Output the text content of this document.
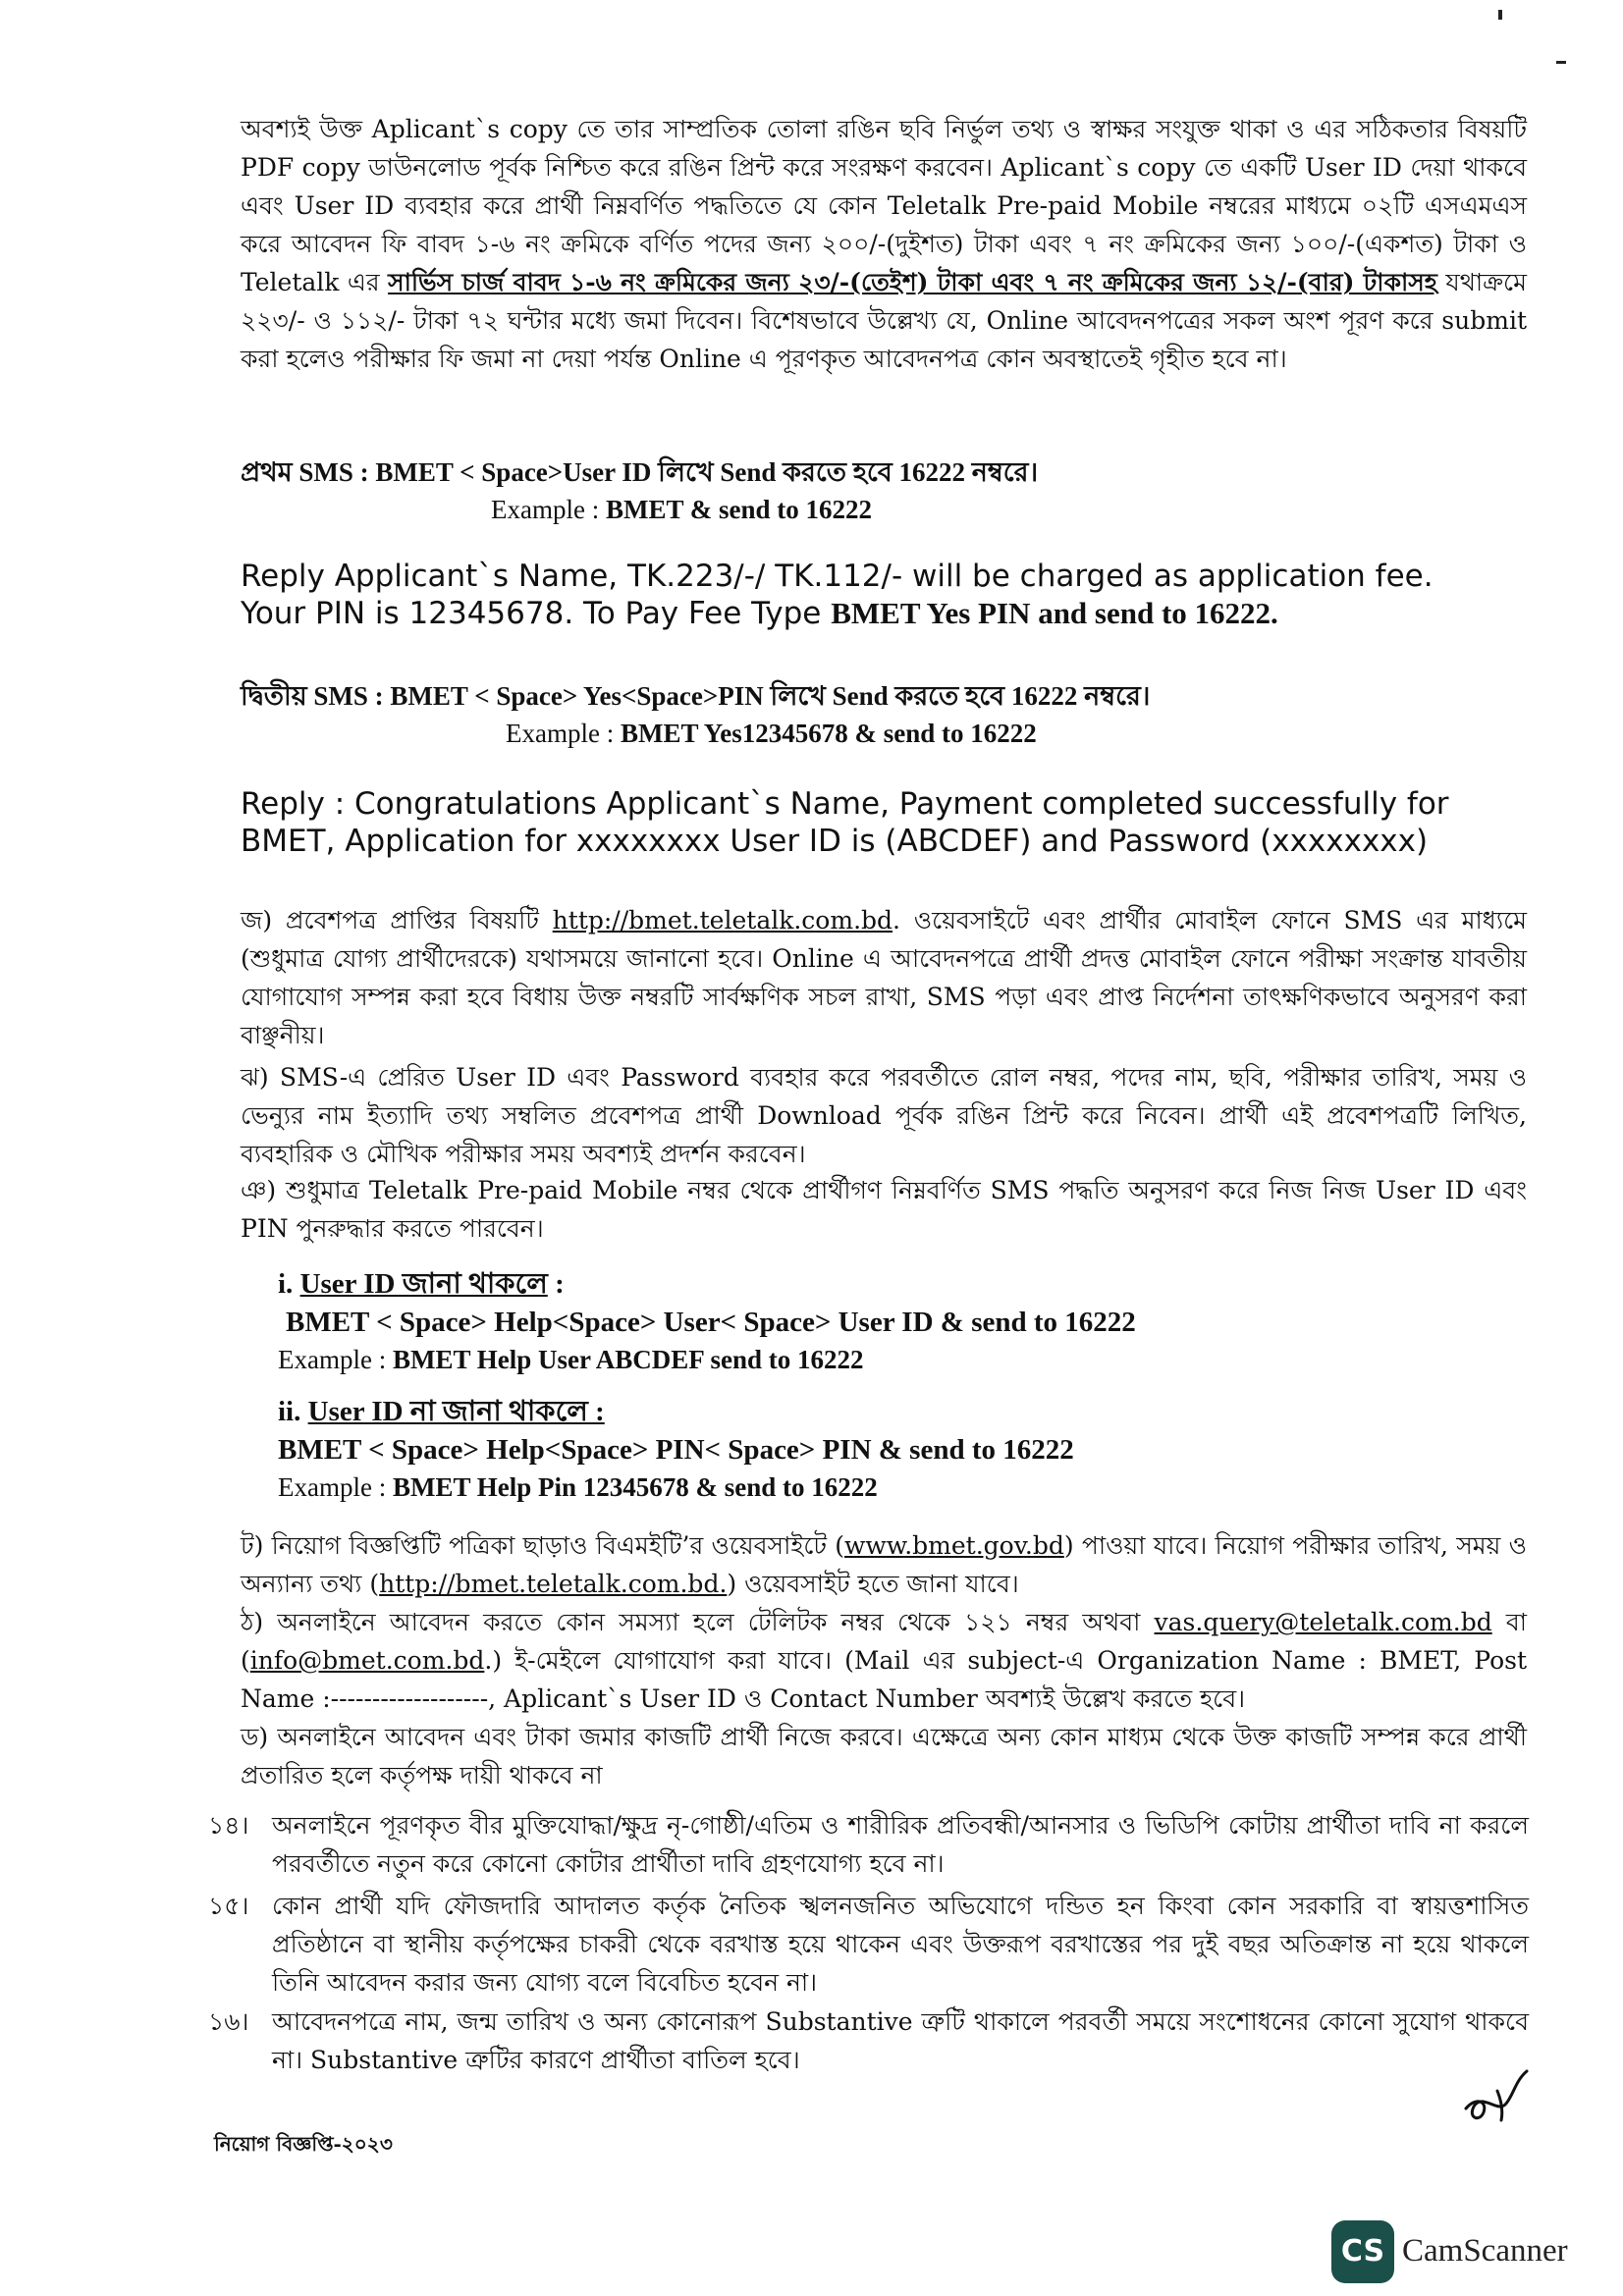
অবশ্যই উক্ত Aplicant`s copy তে তার সাম্প্রতিক তোলা রঙিন ছবি নির্ভুল তথ্য ও স্বাক্ষর সংযুক্ত থাকা ও এর সঠিকতার বিষয়টি PDF copy ডাউনলোড পূর্বক নিশ্চিত করে রঙিন প্রিন্ট করে সংরক্ষণ করবেন। Aplicant`s copy তে একটি User ID দেয়া থাকবে এবং User ID ব্যবহার করে প্রার্থী নিম্নবর্ণিত পদ্ধতিতে যে কোন Teletalk Pre-paid Mobile নম্বরের মাধ্যমে ০২টি এসএমএস করে আবেদন ফি বাবদ ১-৬ নং ক্রমিকে বর্ণিত পদের জন্য ২০০/-(দুইশত) টাকা এবং ৭ নং ক্রমিকের জন্য ১০০/-(একশত) টাকা ও Teletalk এর সার্ভিস চার্জ বাবদ ১-৬ নং ক্রমিকের জন্য ২৩/-(তেইশ) টাকা এবং ৭ নং ক্রমিকের জন্য ১২/-(বার) টাকাসহ যথাক্রমে ২২৩/- ও ১১২/- টাকা ৭২ ঘন্টার মধ্যে জমা দিবেন। বিশেষভাবে উল্লেখ্য যে, Online আবেদনপত্রের সকল অংশ পূরণ করে submit করা হলেও পরীক্ষার ফি জমা না দেয়া পর্যন্ত Online এ পূরণকৃত আবেদনপত্র কোন অবস্থাতেই গৃহীত হবে না।

প্রথম SMS : BMET < Space>User ID লিখে Send করতে হবে 16222 নম্বরে।

Example : BMET & send to 16222

Reply Applicant`s Name, TK.223/-/ TK.112/- will be charged as application fee.

Your PIN is 12345678. To Pay Fee Type BMET Yes PIN and send to 16222.

দ্বিতীয় SMS : BMET < Space> Yes<Space>PIN লিখে Send করতে হবে 16222 নম্বরে।

Example : BMET Yes12345678 & send to 16222

Reply : Congratulations Applicant`s Name, Payment completed successfully for

BMET, Application for xxxxxxxx User ID is (ABCDEF) and Password (xxxxxxxx)

জ) প্রবেশপত্র প্রাপ্তির বিষয়টি http://bmet.teletalk.com.bd. ওয়েবসাইটে এবং প্রার্থীর মোবাইল ফোনে SMS এর মাধ্যমে (শুধুমাত্র যোগ্য প্রার্থীদেরকে) যথাসময়ে জানানো হবে। Online এ আবেদনপত্রে প্রার্থী প্রদত্ত মোবাইল ফোনে পরীক্ষা সংক্রান্ত যাবতীয় যোগাযোগ সম্পন্ন করা হবে বিধায় উক্ত নম্বরটি সার্বক্ষণিক সচল রাখা, SMS পড়া এবং প্রাপ্ত নির্দেশনা তাৎক্ষণিকভাবে অনুসরণ করা বাঞ্ছনীয়।

ঝ) SMS-এ প্রেরিত User ID এবং Password ব্যবহার করে পরবর্তীতে রোল নম্বর, পদের নাম, ছবি, পরীক্ষার তারিখ, সময় ও ভেন্যুর নাম ইত্যাদি তথ্য সম্বলিত প্রবেশপত্র প্রার্থী Download পূর্বক রঙিন প্রিন্ট করে নিবেন। প্রার্থী এই প্রবেশপত্রটি লিখিত, ব্যবহারিক ও মৌখিক পরীক্ষার সময় অবশ্যই প্রদর্শন করবেন।

ঞ) শুধুমাত্র Teletalk Pre-paid Mobile নম্বর থেকে প্রার্থীগণ নিম্নবর্ণিত SMS পদ্ধতি অনুসরণ করে নিজ নিজ User ID এবং PIN পুনরুদ্ধার করতে পারবেন।

i. User ID জানা থাকলে :

BMET < Space> Help<Space> User< Space> User ID & send to 16222

Example : BMET Help User ABCDEF send to 16222

ii. User ID না জানা থাকলে :

BMET < Space> Help<Space> PIN< Space> PIN & send to 16222

Example : BMET Help Pin 12345678 & send to 16222

ট) নিয়োগ বিজ্ঞপ্তিটি পত্রিকা ছাড়াও বিএমইটি’র ওয়েবসাইটে (www.bmet.gov.bd) পাওয়া যাবে। নিয়োগ পরীক্ষার তারিখ, সময় ও অন্যান্য তথ্য (http://bmet.teletalk.com.bd.) ওয়েবসাইট হতে জানা যাবে।

ঠ) অনলাইনে আবেদন করতে কোন সমস্যা হলে টেলিটক নম্বর থেকে ১২১ নম্বর অথবা vas.query@teletalk.com.bd বা (info@bmet.com.bd.) ই-মেইলে যোগাযোগ করা যাবে। (Mail এর subject-এ Organization Name : BMET, Post Name :-------------------, Aplicant`s User ID ও Contact Number অবশ্যই উল্লেখ করতে হবে।

ড) অনলাইনে আবেদন এবং টাকা জমার কাজটি প্রার্থী নিজে করবে। এক্ষেত্রে অন্য কোন মাধ্যম থেকে উক্ত কাজটি সম্পন্ন করে প্রার্থী প্রতারিত হলে কর্তৃপক্ষ দায়ী থাকবে না

১৪। অনলাইনে পূরণকৃত বীর মুক্তিযোদ্ধা/ক্ষুদ্র নৃ-গোষ্ঠী/এতিম ও শারীরিক প্রতিবন্ধী/আনসার ও ভিডিপি কোটায় প্রার্থীতা দাবি না করলে পরবর্তীতে নতুন করে কোনো কোটার প্রার্থীতা দাবি গ্রহণযোগ্য হবে না।

১৫। কোন প্রার্থী যদি ফৌজদারি আদালত কর্তৃক নৈতিক স্খলনজনিত অভিযোগে দন্ডিত হন কিংবা কোন সরকারি বা স্বায়ত্তশাসিত প্রতিষ্ঠানে বা স্থানীয় কর্তৃপক্ষের চাকরী থেকে বরখাস্ত হয়ে থাকেন এবং উক্তরূপ বরখাস্তের পর দুই বছর অতিক্রান্ত না হয়ে থাকলে তিনি আবেদন করার জন্য যোগ্য বলে বিবেচিত হবেন না।

১৬। আবেদনপত্রে নাম, জন্ম তারিখ ও অন্য কোনোরূপ Substantive ত্রুটি থাকালে পরবর্তী সময়ে সংশোধনের কোনো সুযোগ থাকবে না। Substantive ত্রুটির কারণে প্রার্থীতা বাতিল হবে।

নিয়োগ বিজ্ঞপ্তি-২০২৩
CS CamScanner
